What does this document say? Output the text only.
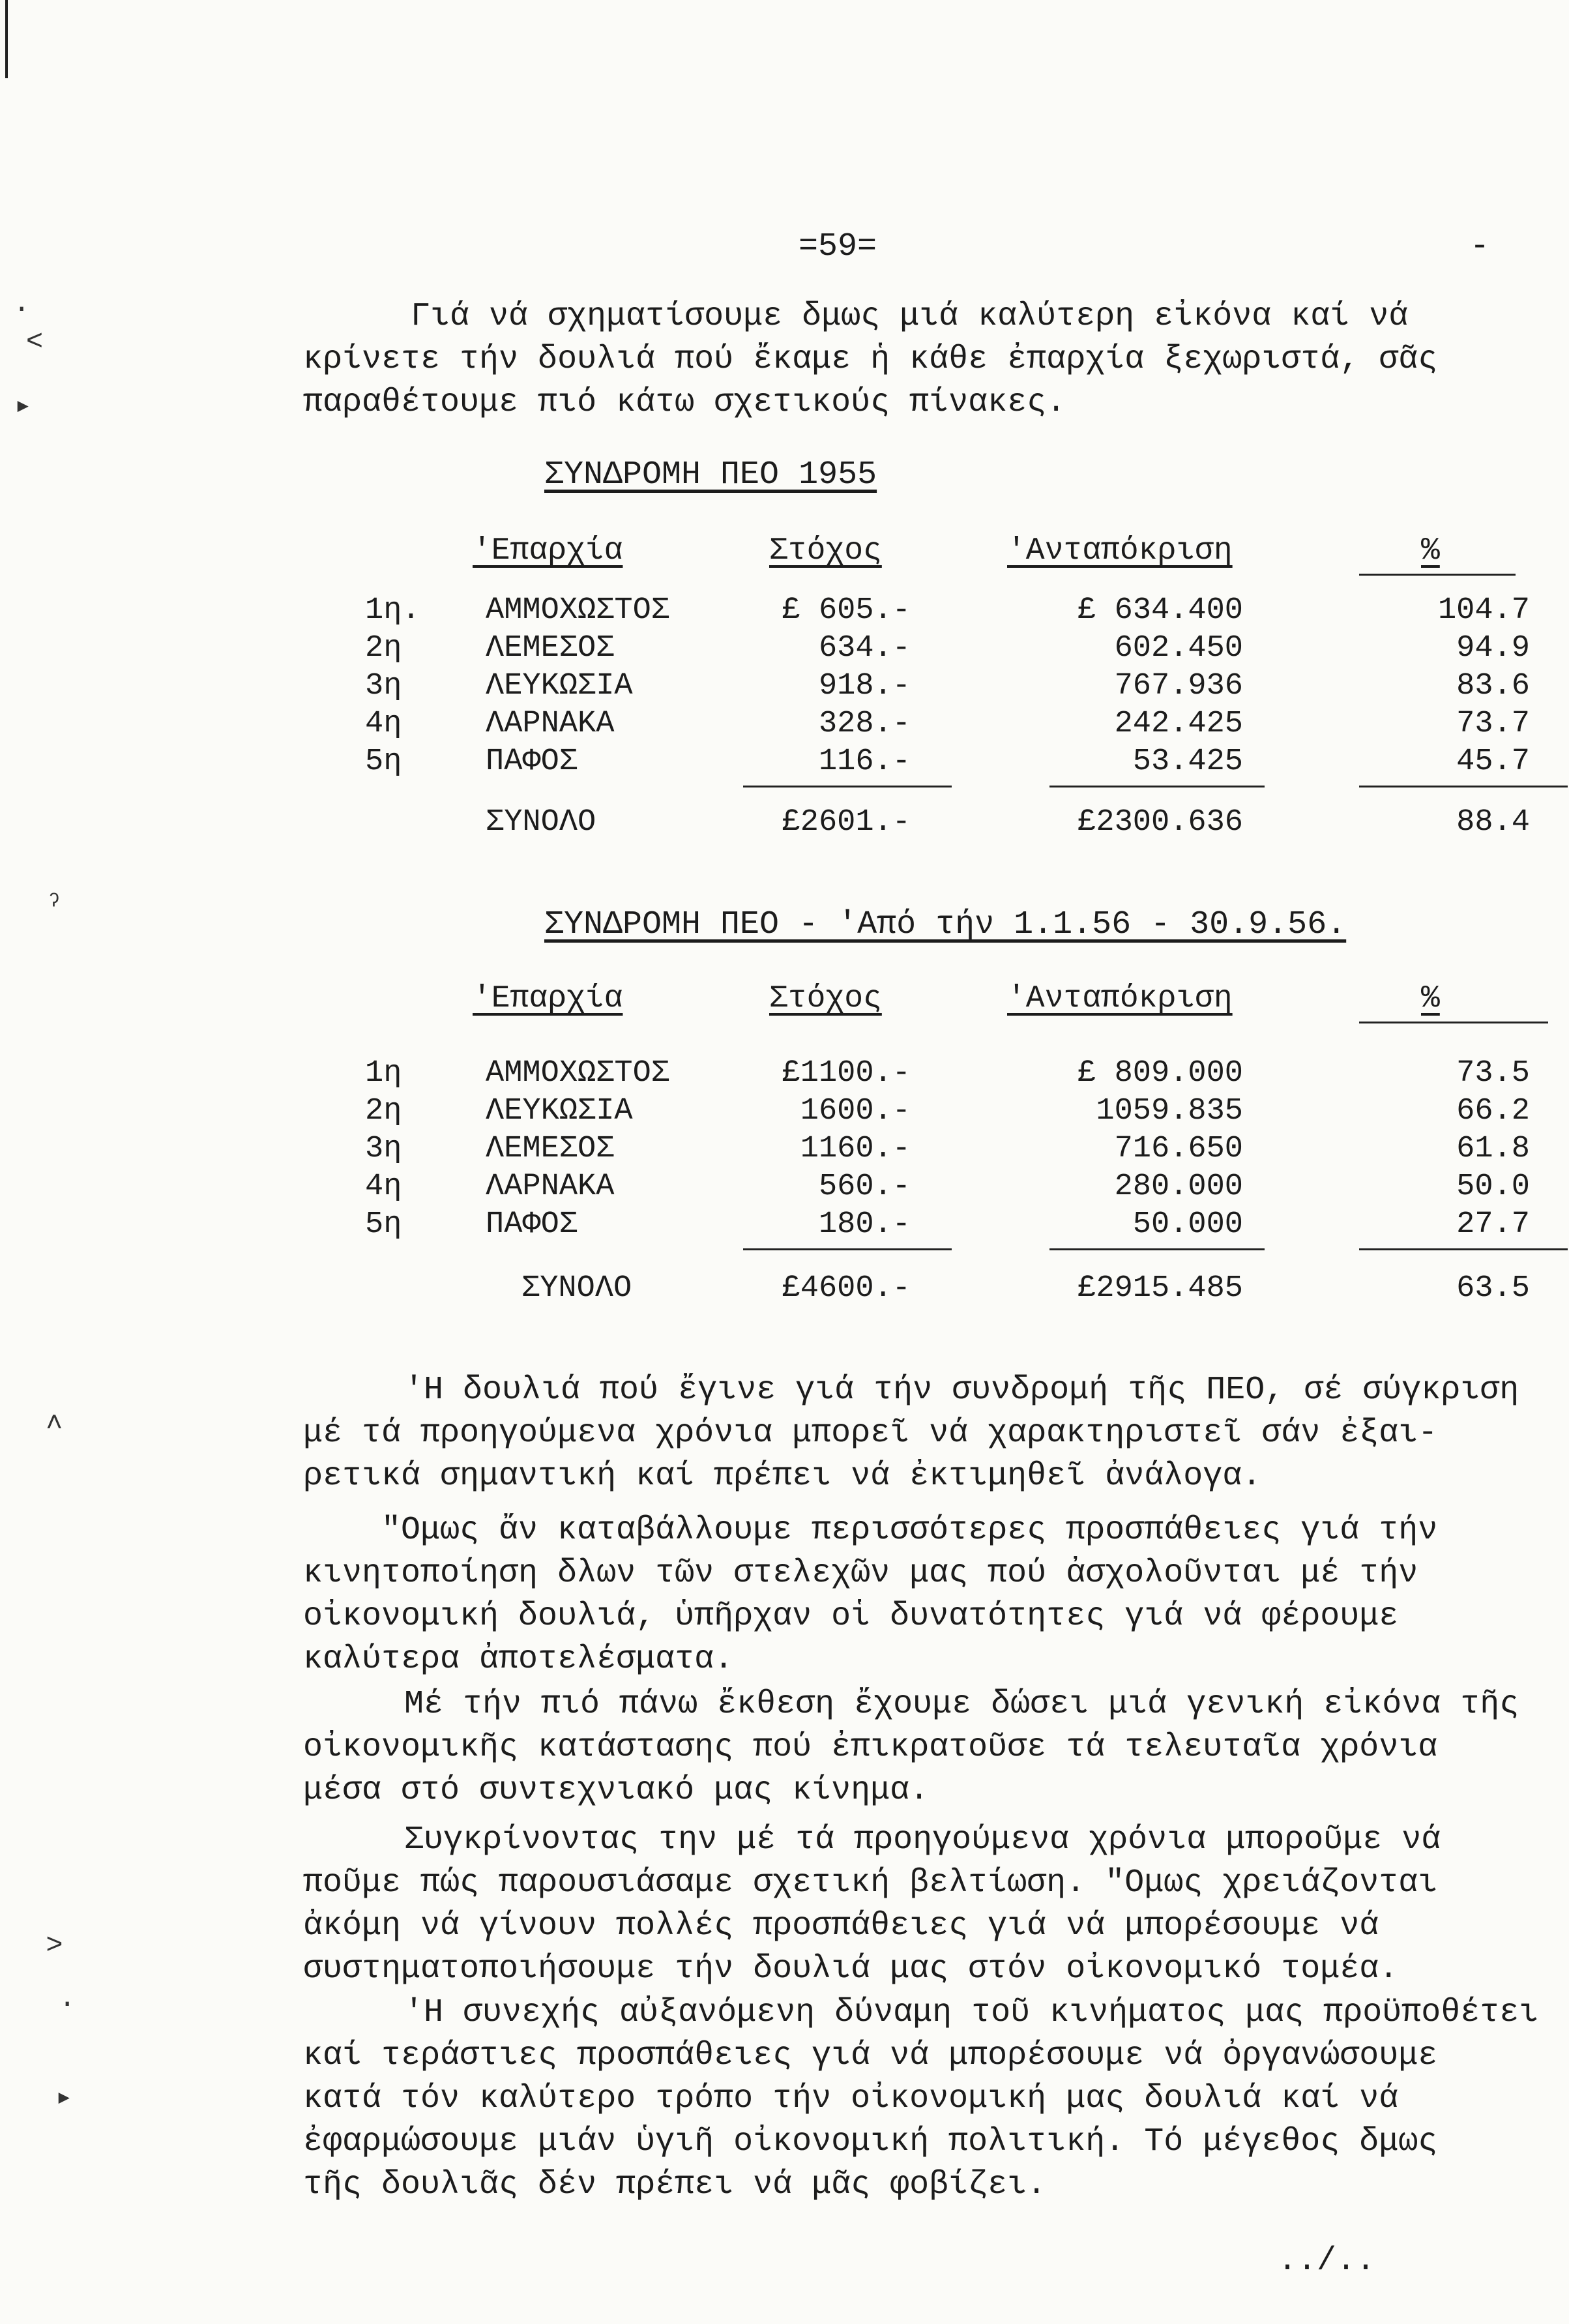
·
˂
▸
ˀ
˄
˃
·
▸
=59=	-
Γιά νά σχηματίσουμε δμως μιά καλύτερη εἰκόνα καί νά
κρίνετε τήν δουλιά πού ἔκαμε ἡ κάθε ἐπαρχία ξεχωριστά, σᾶς
παραθέτουμε πιό κάτω σχετικούς πίνακες.
ΣΥΝΔΡΟΜΗ ΠΕΟ 1955
'Επαρχία	Στόχος	'Ανταπόκριση	%
1η. ΑΜΜΟΧΩΣΤΟΣ	£ 605.-	£ 634.400	104.7
2η	ΛΕΜΕΣΟΣ	634.-	602.450	94.9
3η	ΛΕΥΚΩΣΙΑ	918.-	767.936	83.6
4η	ΛΑΡΝΑΚΑ	328.-	242.425	73.7
5η	ΠΑΦΟΣ	116.-	53.425	45.7
ΣΥΝΟΛΟ	£2601.-	£2300.636	88.4
ΣΥΝΔΡΟΜΗ ΠΕΟ - 'Από τήν 1.1.56 - 30.9.56.
'Επαρχία	Στόχος	'Ανταπόκριση	%
1η	ΑΜΜΟΧΩΣΤΟΣ	£1100.-	£ 809.000	73.5
2η	ΛΕΥΚΩΣΙΑ	1600.-	1059.835	66.2
3η	ΛΕΜΕΣΟΣ	1160.-	716.650	61.8
4η	ΛΑΡΝΑΚΑ	560.-	280.000	50.0
5η	ΠΑΦΟΣ	180.-	50.000	27.7
ΣΥΝΟΛΟ	£4600.-	£2915.485	63.5
'Η δουλιά πού ἔγινε γιά τήν συνδρομή τῆς ΠΕΟ, σέ σύγκριση
μέ τά προηγούμενα χρόνια μπορεῖ νά χαρακτηριστεῖ σάν ἐξαι-
ρετικά σημαντική καί πρέπει νά ἐκτιμηθεῖ ἀνάλογα.
"Ομως ἄν καταβάλλουμε περισσότερες προσπάθειες γιά τήν
κινητοποίηση δλων τῶν στελεχῶν μας πού ἀσχολοῦνται μέ τήν
οἰκονομική δουλιά, ὑπῆρχαν οἱ δυνατότητες γιά νά φέρουμε
καλύτερα ἀποτελέσματα.
Μέ τήν πιό πάνω ἔκθεση ἔχουμε δώσει μιά γενική εἰκόνα τῆς
οἰκονομικῆς κατάστασης πού ἐπικρατοῦσε τά τελευταῖα χρόνια
μέσα στό συντεχνιακό μας κίνημα.
Συγκρίνοντας την μέ τά προηγούμενα χρόνια μποροῦμε νά
ποῦμε πώς παρουσιάσαμε σχετική βελτίωση. "Ομως χρειάζονται
ἀκόμη νά γίνουν πολλές προσπάθειες γιά νά μπορέσουμε νά
συστηματοποιήσουμε τήν δουλιά μας στόν οἰκονομικό τομέα.
'Η συνεχής αὐξανόμενη δύναμη τοῦ κινήματος μας προϋποθέτει
καί τεράστιες προσπάθειες γιά νά μπορέσουμε νά ὀργανώσουμε
κατά τόν καλύτερο τρόπο τήν οἰκονομική μας δουλιά καί νά
ἐφαρμώσουμε μιάν ὑγιῆ οἰκονομική πολιτική. Τό μέγεθος δμως
τῆς δουλιᾶς δέν πρέπει νά μᾶς φοβίζει.
../..
